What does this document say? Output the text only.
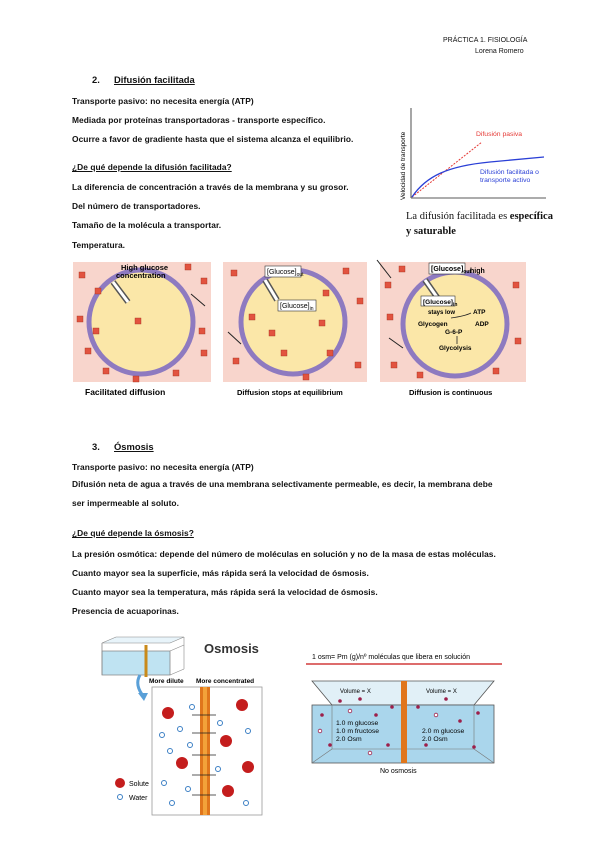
PRÁCTICA 1. FISIOLOGÍA
Lorena Romero
2. Difusión facilitada
Transporte pasivo: no necesita energía (ATP)
Mediada por proteínas transportadoras - transporte específico.
Ocurre a favor de gradiente hasta que el sistema alcanza el equilibrio.
¿De qué depende la difusión facilitada?
La diferencia de concentración a través de la membrana y su grosor.
Del número de transportadores.
Tamaño de la molécula a transportar.
Temperatura.
Velocidad de transporte	Difusión pasiva
Difusión facilitada o
transporte activo
La difusión facilitada es específica
y saturable
High glucose
concentration
Facilitated diffusion
$[Glucose]_{out}$
$[Glucose]_{in}$
Diffusion stops at equilibrium
$[Glucose]_{out}$
high
$[Glucose]_{in}$
stays low	ATP
ADP
Glycogen
G-6-P
Glycolysis
Diffusion is continuous
3. Ósmosis
Transporte pasivo: no necesita energía (ATP)
Difusión neta de agua a través de una membrana selectivamente permeable, es decir, la membrana debe
ser impermeable al soluto.
¿De qué depende la ósmosis?
La presión osmótica: depende del número de moléculas en solución y no de la masa de estas moléculas.
Cuanto mayor sea la superficie, más rápida será la velocidad de ósmosis.
Cuanto mayor sea la temperatura, más rápida será la velocidad de ósmosis.
Presencia de acuaporinas.
Osmosis
More dilute More concentrated
Solute
Water
1 osm= Pm (g)/nº moléculas que libera en solución
Volume = X	Volume = X
1.0 m glucose
1.0 m fructose
2.0 Osm
2.0 m glucose
2.0 Osm
No osmosis
